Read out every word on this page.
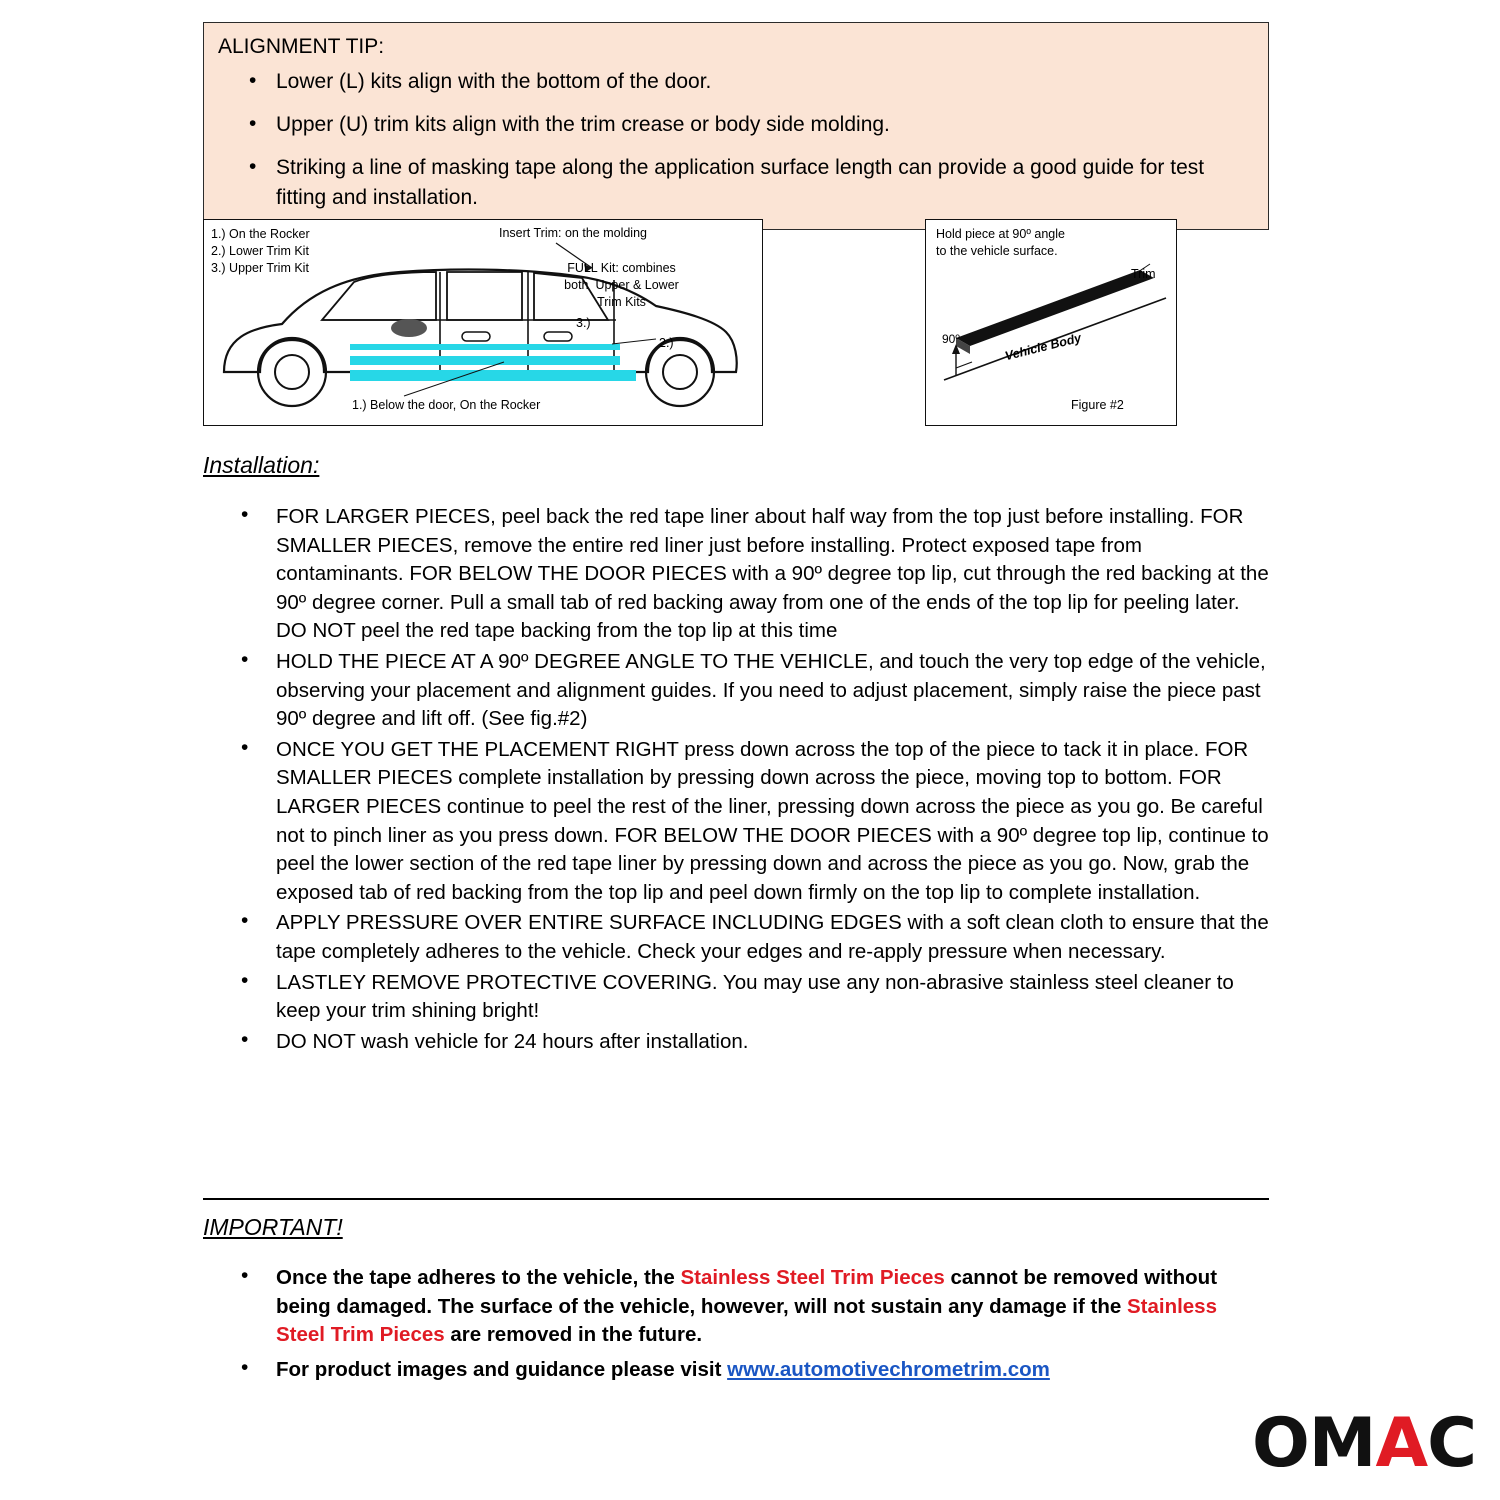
ALIGNMENT TIP:
• Lower (L) kits align with the bottom of the door.
• Upper (U) trim kits align with the trim crease or body side molding.
• Striking a line of masking tape along the application surface length can provide a good guide for test fitting and installation.
1.) On the Rocker
2.) Lower Trim Kit
3.) Upper Trim Kit
Insert Trim: on the molding
FULL Kit: combines
both  Upper & Lower
Trim Kits
3.)
2.)
1.) Below the door, On the Rocker
Hold piece at 90º angle
to the vehicle surface.
Trim
90º	Vehicle Body
Figure #2
Installation:
• FOR LARGER PIECES, peel back the red tape liner about half way from the top just before installing. FOR SMALLER PIECES, remove the entire red liner just before installing. Protect exposed tape from contaminants. FOR BELOW THE DOOR PIECES with a 90º degree top lip, cut through the red backing at the 90º degree corner. Pull a small tab of red backing away from one of the ends of the top lip for peeling later. DO NOT peel the red tape backing from the top lip at this time
• HOLD THE PIECE AT A 90º DEGREE ANGLE TO THE VEHICLE, and touch the very top edge of the vehicle, observing your placement and alignment guides. If you need to adjust placement, simply raise the piece past 90º degree and lift off. (See fig.#2)
• ONCE YOU GET THE PLACEMENT RIGHT press down across the top of the piece to tack it in place. FOR SMALLER PIECES complete installation by pressing down across the piece, moving top to bottom. FOR LARGER PIECES continue to peel the rest of the liner, pressing down across the piece as you go. Be careful not to pinch liner as you press down. FOR BELOW THE DOOR PIECES with a 90º degree top lip, continue to peel the lower section of the red tape liner by pressing down and across the piece as you go. Now, grab the exposed tab of red backing from the top lip and peel down firmly on the top lip to complete installation.
• APPLY PRESSURE OVER ENTIRE SURFACE INCLUDING EDGES with a soft clean cloth to ensure that the tape completely adheres to the vehicle. Check your edges and re-apply pressure when necessary.
• LASTLEY REMOVE PROTECTIVE COVERING. You may use any non-abrasive stainless steel cleaner to keep your trim shining bright!
• DO NOT wash vehicle for 24 hours after installation.
IMPORTANT!
• Once the tape adheres to the vehicle, the Stainless Steel Trim Pieces cannot be removed without being damaged. The surface of the vehicle, however, will not sustain any damage if the Stainless Steel Trim Pieces are removed in the future.
• For product images and guidance please visit www.automotivechrometrim.com
OMAC
